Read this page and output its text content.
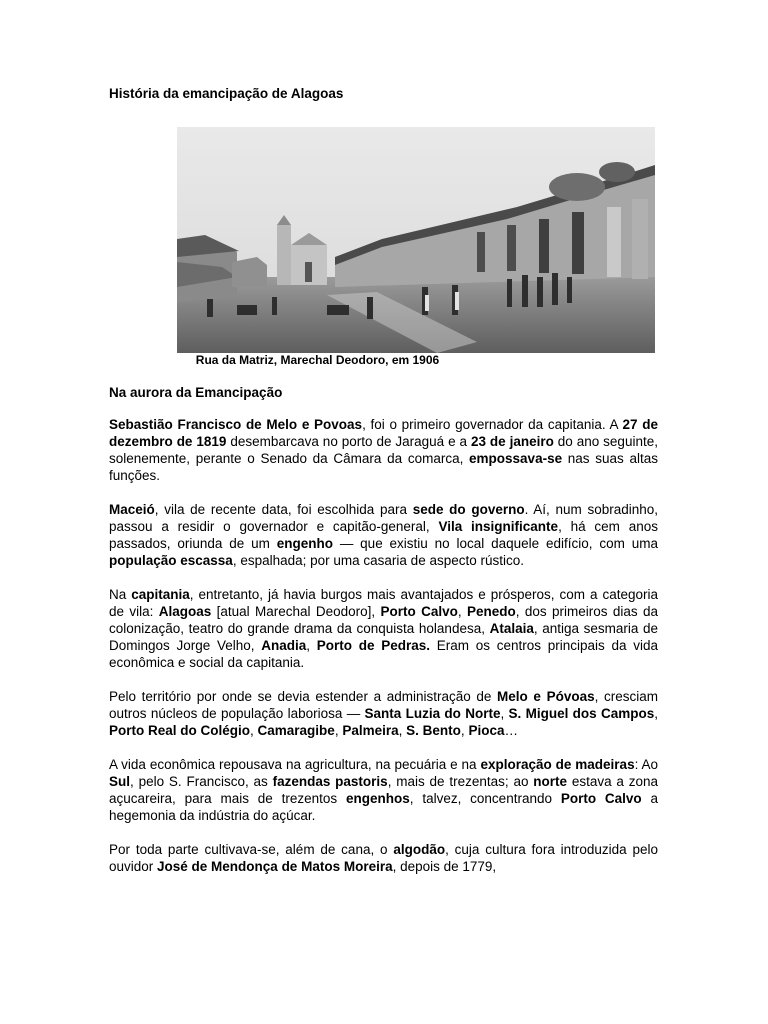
História da emancipação de Alagoas
Rua da Matriz, Marechal Deodoro, em 1906
Na aurora da Emancipação

Sebastião Francisco de Melo e Povoas, foi o primeiro governador da capitania. A 27 de dezembro de 1819 desembarcava no porto de Jaraguá e a 23 de janeiro do ano seguinte, solenemente, perante o Senado da Câmara da comarca, empossava-se nas suas altas funções.

Maceió, vila de recente data, foi escolhida para sede do governo. Aí, num sobradinho, passou a residir o governador e capitão-general, Vila insignificante, há cem anos passados, oriunda de um engenho — que existiu no local daquele edifício, com uma população escassa, espalhada; por uma casaria de aspecto rústico.

Na capitania, entretanto, já havia burgos mais avantajados e prósperos, com a categoria de vila: Alagoas [atual Marechal Deodoro], Porto Calvo, Penedo, dos primeiros dias da colonização, teatro do grande drama da conquista holandesa, Atalaia, antiga sesmaria de Domingos Jorge Velho, Anadia, Porto de Pedras. Eram os centros principais da vida econômica e social da capitania.

Pelo território por onde se devia estender a administração de Melo e Póvoas, cresciam outros núcleos de população laboriosa — Santa Luzia do Norte, S. Miguel dos Campos, Porto Real do Colégio, Camaragibe, Palmeira, S. Bento, Pioca…

A vida econômica repousava na agricultura, na pecuária e na exploração de madeiras: Ao Sul, pelo S. Francisco, as fazendas pastoris, mais de trezentas; ao norte estava a zona açucareira, para mais de trezentos engenhos, talvez, concentrando Porto Calvo a hegemonia da indústria do açúcar.

Por toda parte cultivava-se, além de cana, o algodão, cuja cultura fora introduzida pelo ouvidor José de Mendonça de Matos Moreira, depois de 1779,
